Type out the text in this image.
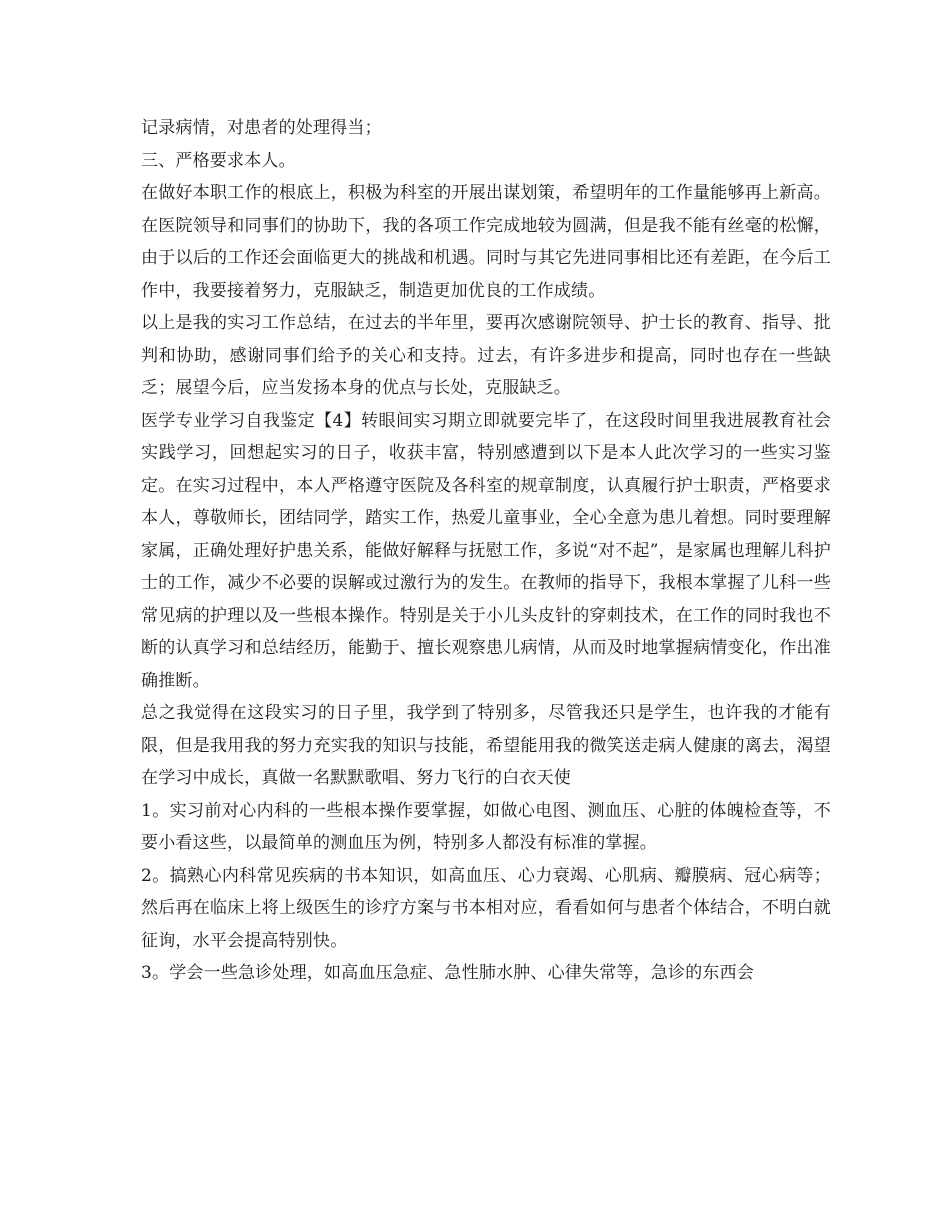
记录病情，对患者的处理得当；

三、严格要求本人。

在做好本职工作的根底上，积极为科室的开展出谋划策，希望明年的工作量能够再上新高。在医院领导和同事们的协助下，我的各项工作完成地较为圆满，但是我不能有丝毫的松懈，由于以后的工作还会面临更大的挑战和机遇。同时与其它先进同事相比还有差距，在今后工作中，我要接着努力，克服缺乏，制造更加优良的工作成绩。

以上是我的实习工作总结，在过去的半年里，要再次感谢院领导、护士长的教育、指导、批判和协助，感谢同事们给予的关心和支持。过去，有许多进步和提高，同时也存在一些缺乏；展望今后，应当发扬本身的优点与长处，克服缺乏。

医学专业学习自我鉴定【4】转眼间实习期立即就要完毕了，在这段时间里我进展教育社会实践学习，回想起实习的日子，收获丰富，特别感遭到以下是本人此次学习的一些实习鉴定。在实习过程中，本人严格遵守医院及各科室的规章制度，认真履行护士职责，严格要求本人，尊敬师长，团结同学，踏实工作，热爱儿童事业，全心全意为患儿着想。同时要理解家属，正确处理好护患关系，能做好解释与抚慰工作，多说“对不起”，是家属也理解儿科护士的工作，减少不必要的误解或过激行为的发生。在教师的指导下，我根本掌握了儿科一些常见病的护理以及一些根本操作。特别是关于小儿头皮针的穿刺技术，在工作的同时我也不断的认真学习和总结经历，能勤于、擅长观察患儿病情，从而及时地掌握病情变化，作出准确推断。

总之我觉得在这段实习的日子里，我学到了特别多，尽管我还只是学生，也许我的才能有限，但是我用我的努力充实我的知识与技能，希望能用我的微笑送走病人健康的离去，渴望在学习中成长，真做一名默默歌唱、努力飞行的白衣天使

1。实习前对心内科的一些根本操作要掌握，如做心电图、测血压、心脏的体魄检查等，不要小看这些，以最简单的测血压为例，特别多人都没有标准的掌握。

2。搞熟心内科常见疾病的书本知识，如高血压、心力衰竭、心肌病、瓣膜病、冠心病等；然后再在临床上将上级医生的诊疗方案与书本相对应，看看如何与患者个体结合，不明白就征询，水平会提高特别快。

3。学会一些急诊处理，如高血压急症、急性肺水肿、心律失常等，急诊的东西会
